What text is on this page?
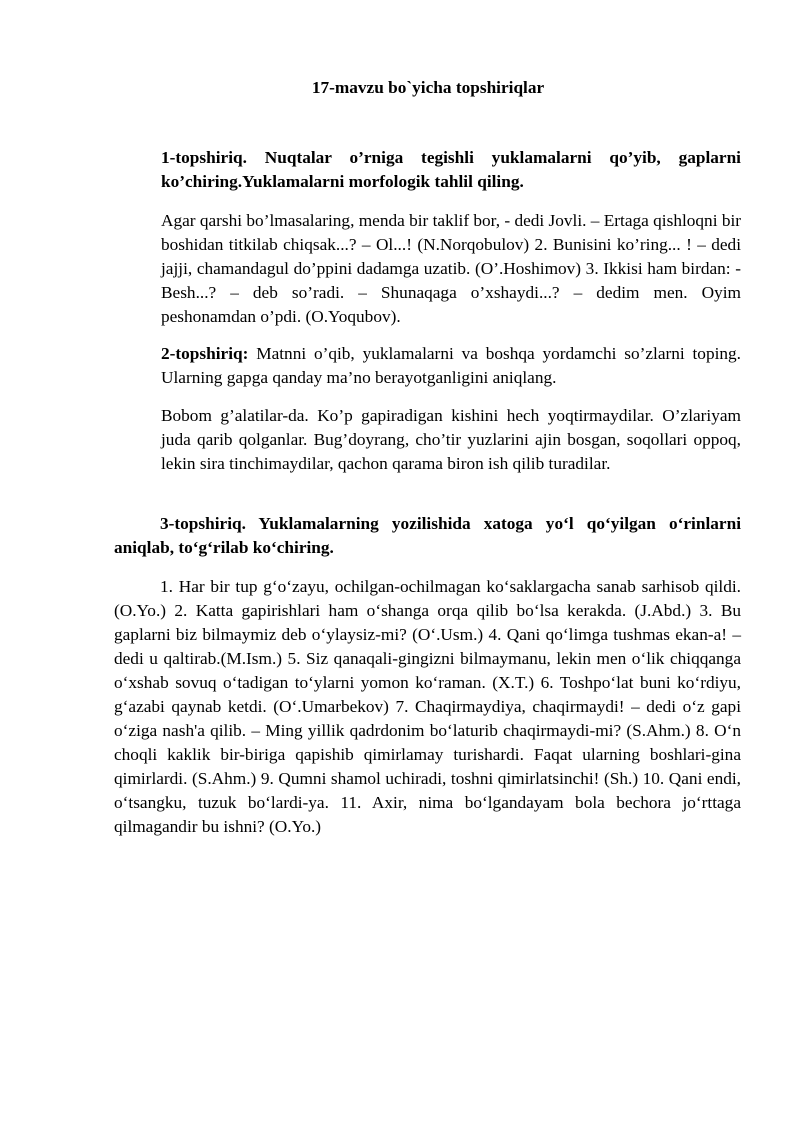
17-mavzu bo`yicha topshiriqlar
1-topshiriq. Nuqtalar o’rniga tegishli yuklamalarni qo’yib, gaplarni ko’chiring.Yuklamalarni morfologik tahlil qiling.
Agar qarshi bo’lmasalaring, menda bir taklif bor, - dedi Jovli. – Ertaga qishloqni bir boshidan titkilab chiqsak...? – Ol...! (N.Norqobulov) 2. Bunisini ko’ring... ! – dedi jajji, chamandagul do’ppini dadamga uzatib. (O’.Hoshimov) 3. Ikkisi ham birdan: - Besh...? – deb so’radi. – Shunaqaga o’xshaydi...? – dedim men. Oyim peshonamdan o’pdi. (O.Yoqubov).
2-topshiriq: Matnni o’qib, yuklamalarni va boshqa yordamchi so’zlarni toping. Ularning gapga qanday ma’no berayotganligini aniqlang.
Bobom g’alatilar-da. Ko’p gapiradigan kishini hech yoqtirmaydilar. O’zlariyam juda qarib qolganlar. Bug’doyrang, cho’tir yuzlarini ajin bosgan, soqollari oppoq, lekin sira tinchimaydilar, qachon qarama biron ish qilib turadilar.
3-topshiriq. Yuklamalarning yozilishida xatoga yo‘l qo‘yilgan o‘rinlarni aniqlab, to‘g‘rilab ko‘chiring.
1. Har bir tup g‘o‘zayu, ochilgan-ochilmagan ko‘saklargacha sanab sarhisob qildi. (O.Yo.) 2. Katta gapirishlari ham o‘shanga orqa qilib bo‘lsa kerakda. (J.Abd.) 3. Bu gaplarni biz bilmaymiz deb o‘ylaysiz-mi? (O‘.Usm.) 4. Qani qo‘limga tushmas ekan-a! – dedi u qaltirab.(M.Ism.) 5. Siz qanaqali-gingizni bilmaymanu, lekin men o‘lik chiqqanga o‘xshab sovuq o‘tadigan to‘ylarni yomon ko‘raman. (X.T.) 6. Toshpo‘lat buni ko‘rdiyu, g‘azabi qaynab ketdi. (O‘.Umarbekov) 7. Chaqirmaydiya, chaqirmaydi! – dedi o‘z gapi o‘ziga nash'a qilib. – Ming yillik qadrdonim bo‘laturib chaqirmaydi-mi? (S.Ahm.) 8. O‘n choqli kaklik bir-biriga qapishib qimirlamay turishardi. Faqat ularning boshlari-gina qimirlardi. (S.Ahm.) 9. Qumni shamol uchiradi, toshni qimirlatsinchi! (Sh.) 10. Qani endi, o‘tsangku, tuzuk bo‘lardi-ya. 11. Axir, nima bo‘lgandayam bola bechora jo‘rttaga qilmagandir bu ishni? (O.Yo.)
